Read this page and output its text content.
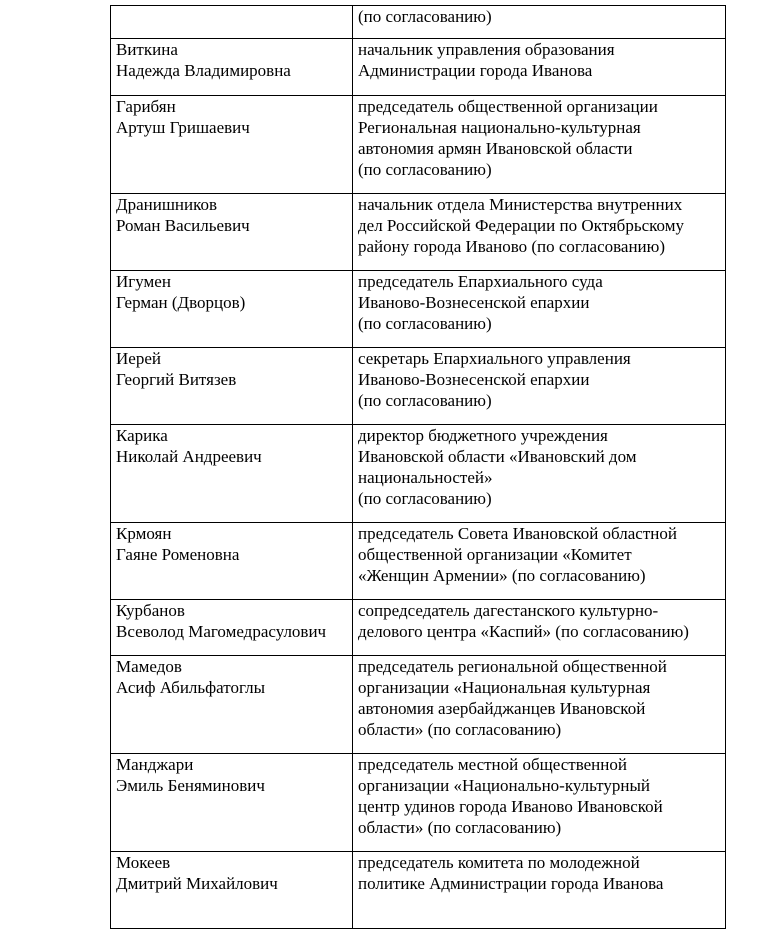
	(по согласованию)

Виткина
Надежда Владимировна	начальник управления образования
Администрации города Иванова

Гарибян
Артуш Гришаевич	председатель общественной организации
Региональная национально-культурная
автономия армян Ивановской области
(по согласованию)

Дранишников
Роман Васильевич	начальник отдела Министерства внутренних
дел Российской Федерации по Октябрьскому
району города Иваново (по согласованию)

Игумен
Герман (Дворцов)	председатель Епархиального суда
Иваново-Вознесенской епархии
(по согласованию)

Иерей
Георгий Витязев	секретарь Епархиального управления
Иваново-Вознесенской епархии
(по согласованию)

Карика
Николай Андреевич	директор бюджетного учреждения
Ивановской области «Ивановский дом
национальностей»
(по согласованию)

Крмоян
Гаяне Роменовна	председатель Совета Ивановской областной
общественной организации «Комитет
«Женщин Армении» (по согласованию)

Курбанов
Всеволод Магомедрасулович	сопредседатель дагестанского культурно-
делового центра «Каспий» (по согласованию)

Мамедов
Асиф Абильфатоглы	председатель региональной общественной
организации «Национальная культурная
автономия азербайджанцев Ивановской
области» (по согласованию)

Манджари
Эмиль Беняминович	председатель местной общественной
организации «Национально-культурный
центр удинов города Иваново Ивановской
области» (по согласованию)

Мокеев
Дмитрий Михайлович	председатель комитета по молодежной
политике Администрации города Иванова
